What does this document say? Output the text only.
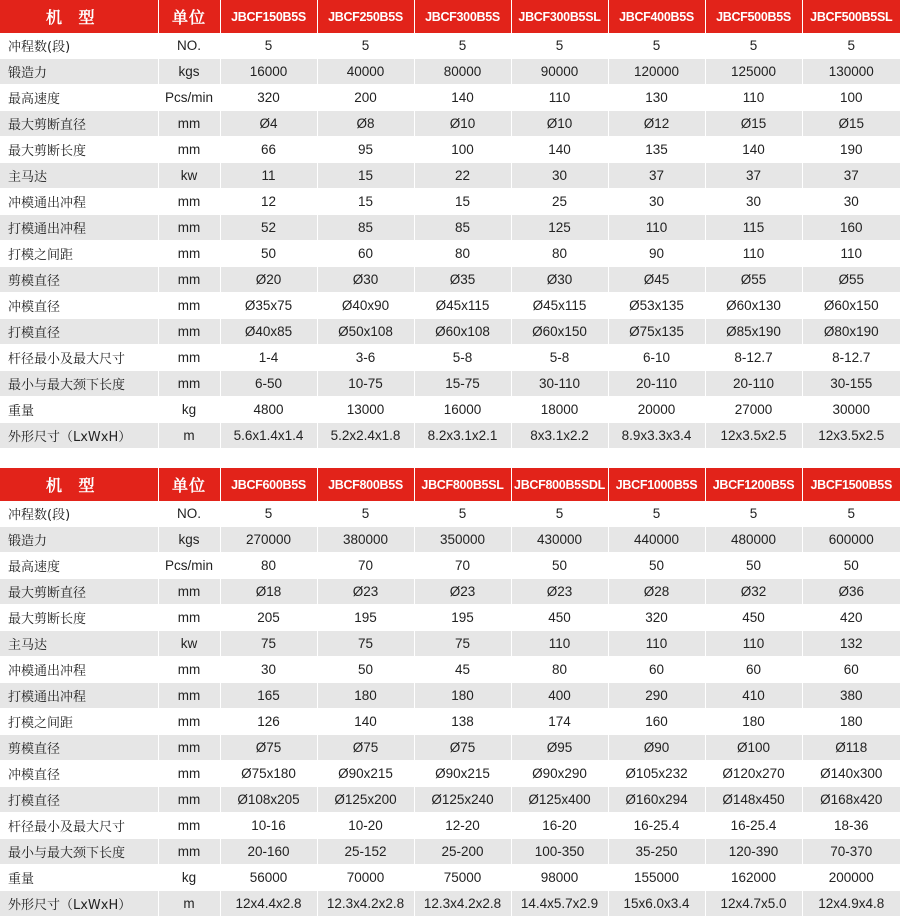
机 型	单位	JBCF150B5S	JBCF250B5S	JBCF300B5S	JBCF300B5SL	JBCF400B5S	JBCF500B5S	JBCF500B5SL
冲程数(段)	NO.	5	5	5	5	5	5	5
锻造力	kgs	16000	40000	80000	90000	120000	125000	130000
最高速度	Pcs/min	320	200	140	110	130	110	100
最大剪断直径	mm	Ø4	Ø8	Ø10	Ø10	Ø12	Ø15	Ø15
最大剪断长度	mm	66	95	100	140	135	140	190
主马达	kw	11	15	22	30	37	37	37
冲模通出冲程	mm	12	15	15	25	30	30	30
打模通出冲程	mm	52	85	85	125	110	115	160
打模之间距	mm	50	60	80	80	90	110	110
剪模直径	mm	Ø20	Ø30	Ø35	Ø30	Ø45	Ø55	Ø55
冲模直径	mm	Ø35x75	Ø40x90	Ø45x115	Ø45x115	Ø53x135	Ø60x130	Ø60x150
打模直径	mm	Ø40x85	Ø50x108	Ø60x108	Ø60x150	Ø75x135	Ø85x190	Ø80x190
杆径最小及最大尺寸	mm	1-4	3-6	5-8	5-8	6-10	8-12.7	8-12.7
最小与最大颈下长度	mm	6-50	10-75	15-75	30-110	20-110	20-110	30-155
重量	kg	4800	13000	16000	18000	20000	27000	30000
外形尺寸（LxWxH）	m	5.6x1.4x1.4	5.2x2.4x1.8	8.2x3.1x2.1	8x3.1x2.2	8.9x3.3x3.4	12x3.5x2.5	12x3.5x2.5
机 型	单位	JBCF600B5S	JBCF800B5S	JBCF800B5SL	JBCF800B5SDL	JBCF1000B5S	JBCF1200B5S	JBCF1500B5S
冲程数(段)	NO.	5	5	5	5	5	5	5
锻造力	kgs	270000	380000	350000	430000	440000	480000	600000
最高速度	Pcs/min	80	70	70	50	50	50	50
最大剪断直径	mm	Ø18	Ø23	Ø23	Ø23	Ø28	Ø32	Ø36
最大剪断长度	mm	205	195	195	450	320	450	420
主马达	kw	75	75	75	110	110	110	132
冲模通出冲程	mm	30	50	45	80	60	60	60
打模通出冲程	mm	165	180	180	400	290	410	380
打模之间距	mm	126	140	138	174	160	180	180
剪模直径	mm	Ø75	Ø75	Ø75	Ø95	Ø90	Ø100	Ø118
冲模直径	mm	Ø75x180	Ø90x215	Ø90x215	Ø90x290	Ø105x232	Ø120x270	Ø140x300
打模直径	mm	Ø108x205	Ø125x200	Ø125x240	Ø125x400	Ø160x294	Ø148x450	Ø168x420
杆径最小及最大尺寸	mm	10-16	10-20	12-20	16-20	16-25.4	16-25.4	18-36
最小与最大颈下长度	mm	20-160	25-152	25-200	100-350	35-250	120-390	70-370
重量	kg	56000	70000	75000	98000	155000	162000	200000
外形尺寸（LxWxH）	m	12x4.4x2.8	12.3x4.2x2.8	12.3x4.2x2.8	14.4x5.7x2.9	15x6.0x3.4	12x4.7x5.0	12x4.9x4.8
